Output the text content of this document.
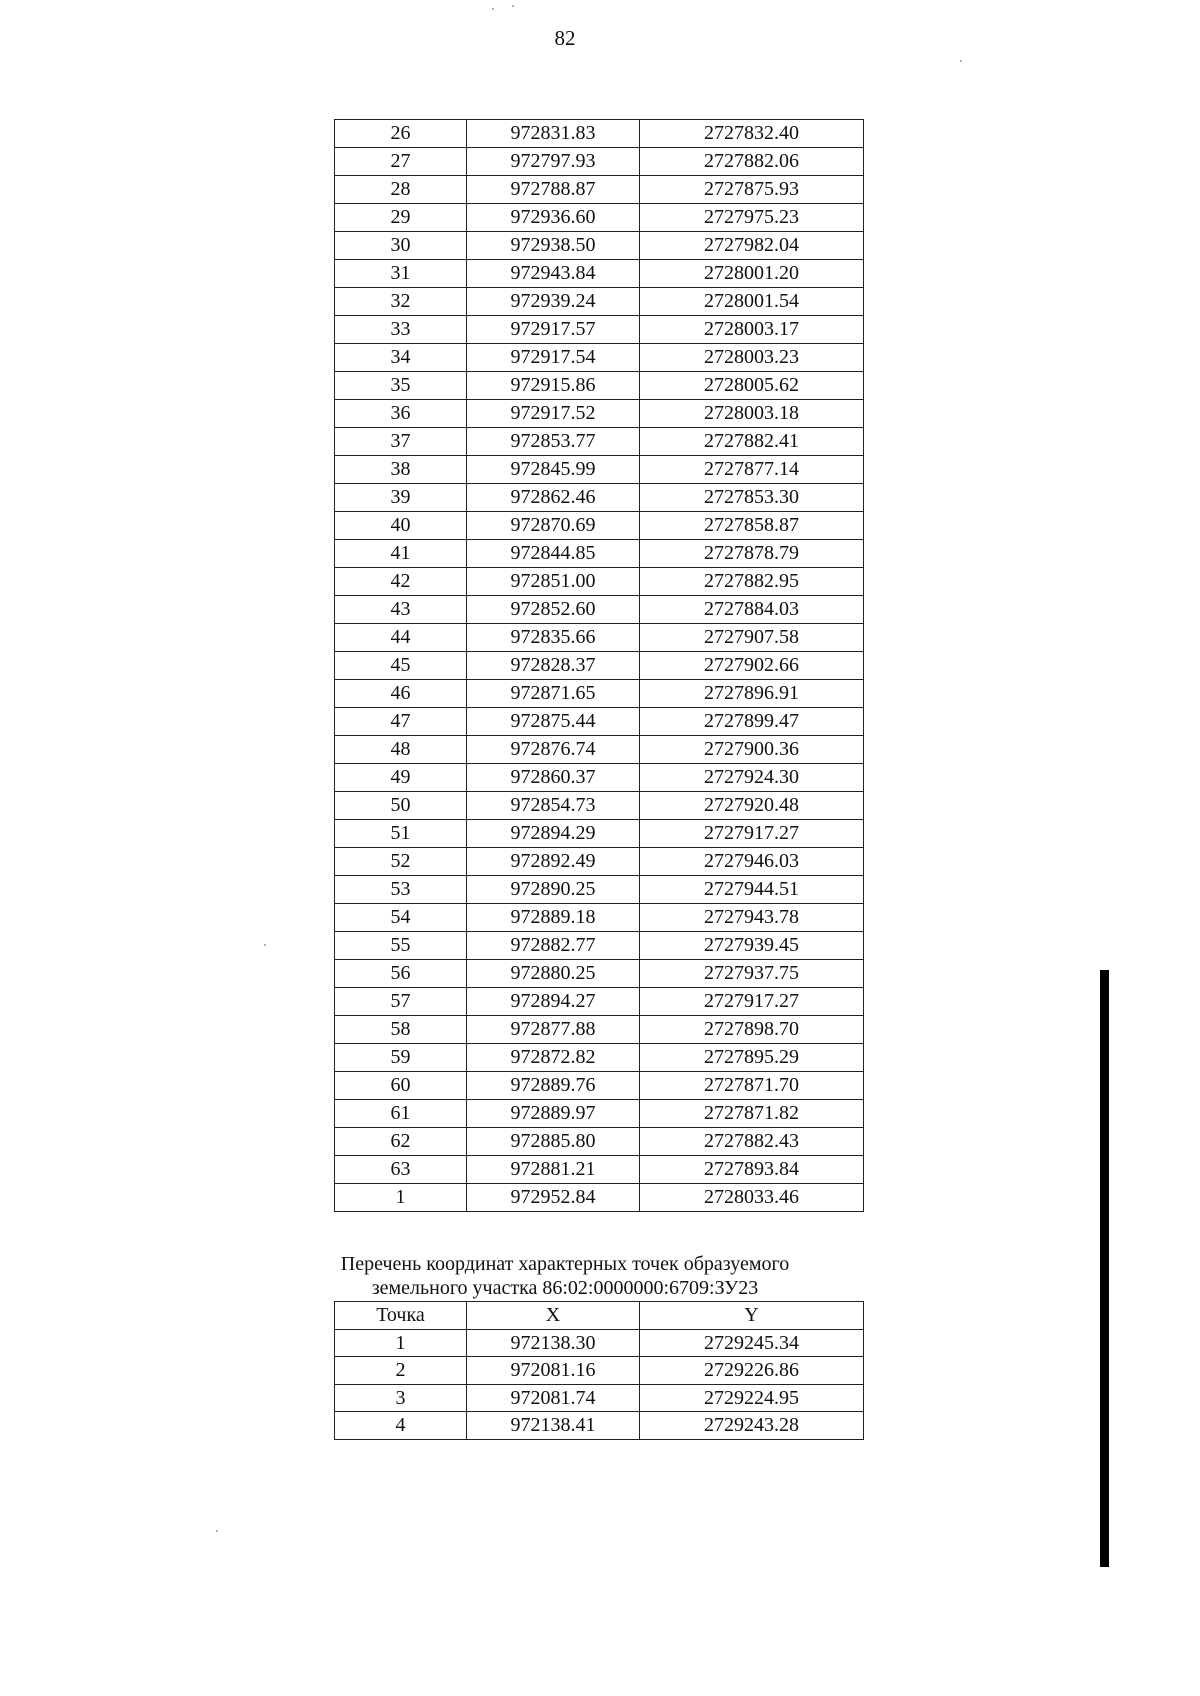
82
26	972831.83	2727832.40
27	972797.93	2727882.06
28	972788.87	2727875.93
29	972936.60	2727975.23
30	972938.50	2727982.04
31	972943.84	2728001.20
32	972939.24	2728001.54
33	972917.57	2728003.17
34	972917.54	2728003.23
35	972915.86	2728005.62
36	972917.52	2728003.18
37	972853.77	2727882.41
38	972845.99	2727877.14
39	972862.46	2727853.30
40	972870.69	2727858.87
41	972844.85	2727878.79
42	972851.00	2727882.95
43	972852.60	2727884.03
44	972835.66	2727907.58
45	972828.37	2727902.66
46	972871.65	2727896.91
47	972875.44	2727899.47
48	972876.74	2727900.36
49	972860.37	2727924.30
50	972854.73	2727920.48
51	972894.29	2727917.27
52	972892.49	2727946.03
53	972890.25	2727944.51
54	972889.18	2727943.78
55	972882.77	2727939.45
56	972880.25	2727937.75
57	972894.27	2727917.27
58	972877.88	2727898.70
59	972872.82	2727895.29
60	972889.76	2727871.70
61	972889.97	2727871.82
62	972885.80	2727882.43
63	972881.21	2727893.84
1	972952.84	2728033.46
Перечень координат характерных точек образуемого
земельного участка 86:02:0000000:6709:ЗУ23
Точка	X	Y
1	972138.30	2729245.34
2	972081.16	2729226.86
3	972081.74	2729224.95
4	972138.41	2729243.28
